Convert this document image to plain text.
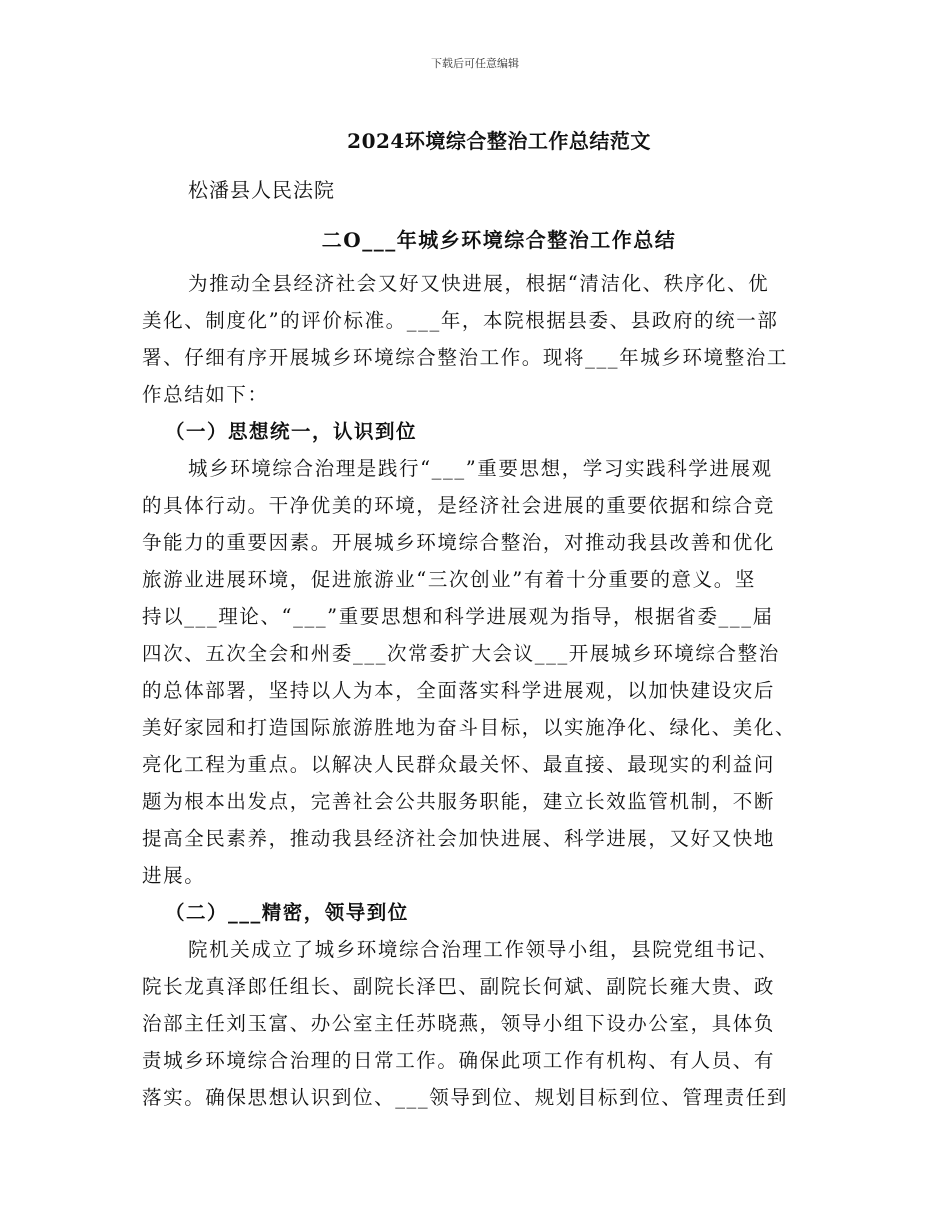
下载后可任意编辑
2024环境综合整治工作总结范文
松潘县人民法院
二O___年城乡环境综合整治工作总结
为推动全县经济社会又好又快进展，根据“清洁化、秩序化、优
美化、制度化”的评价标准。___年，本院根据县委、县政府的统一部
署、仔细有序开展城乡环境综合整治工作。现将___年城乡环境整治工
作总结如下：
（一）思想统一，认识到位
城乡环境综合治理是践行“___”重要思想，学习实践科学进展观
的具体行动。干净优美的环境，是经济社会进展的重要依据和综合竞
争能力的重要因素。开展城乡环境综合整治，对推动我县改善和优化
旅游业进展环境，促进旅游业“三次创业”有着十分重要的意义。坚
持以___理论、“___”重要思想和科学进展观为指导，根据省委___届
四次、五次全会和州委___次常委扩大会议___开展城乡环境综合整治
的总体部署，坚持以人为本，全面落实科学进展观，以加快建设灾后
美好家园和打造国际旅游胜地为奋斗目标，以实施净化、绿化、美化、
亮化工程为重点。以解决人民群众最关怀、最直接、最现实的利益问
题为根本出发点，完善社会公共服务职能，建立长效监管机制，不断
提高全民素养，推动我县经济社会加快进展、科学进展，又好又快地
进展。
（二）___精密，领导到位
院机关成立了城乡环境综合治理工作领导小组，县院党组书记、
院长龙真泽郎任组长、副院长泽巴、副院长何斌、副院长雍大贵、政
治部主任刘玉富、办公室主任苏晓燕，领导小组下设办公室，具体负
责城乡环境综合治理的日常工作。确保此项工作有机构、有人员、有
落实。确保思想认识到位、___领导到位、规划目标到位、管理责任到
